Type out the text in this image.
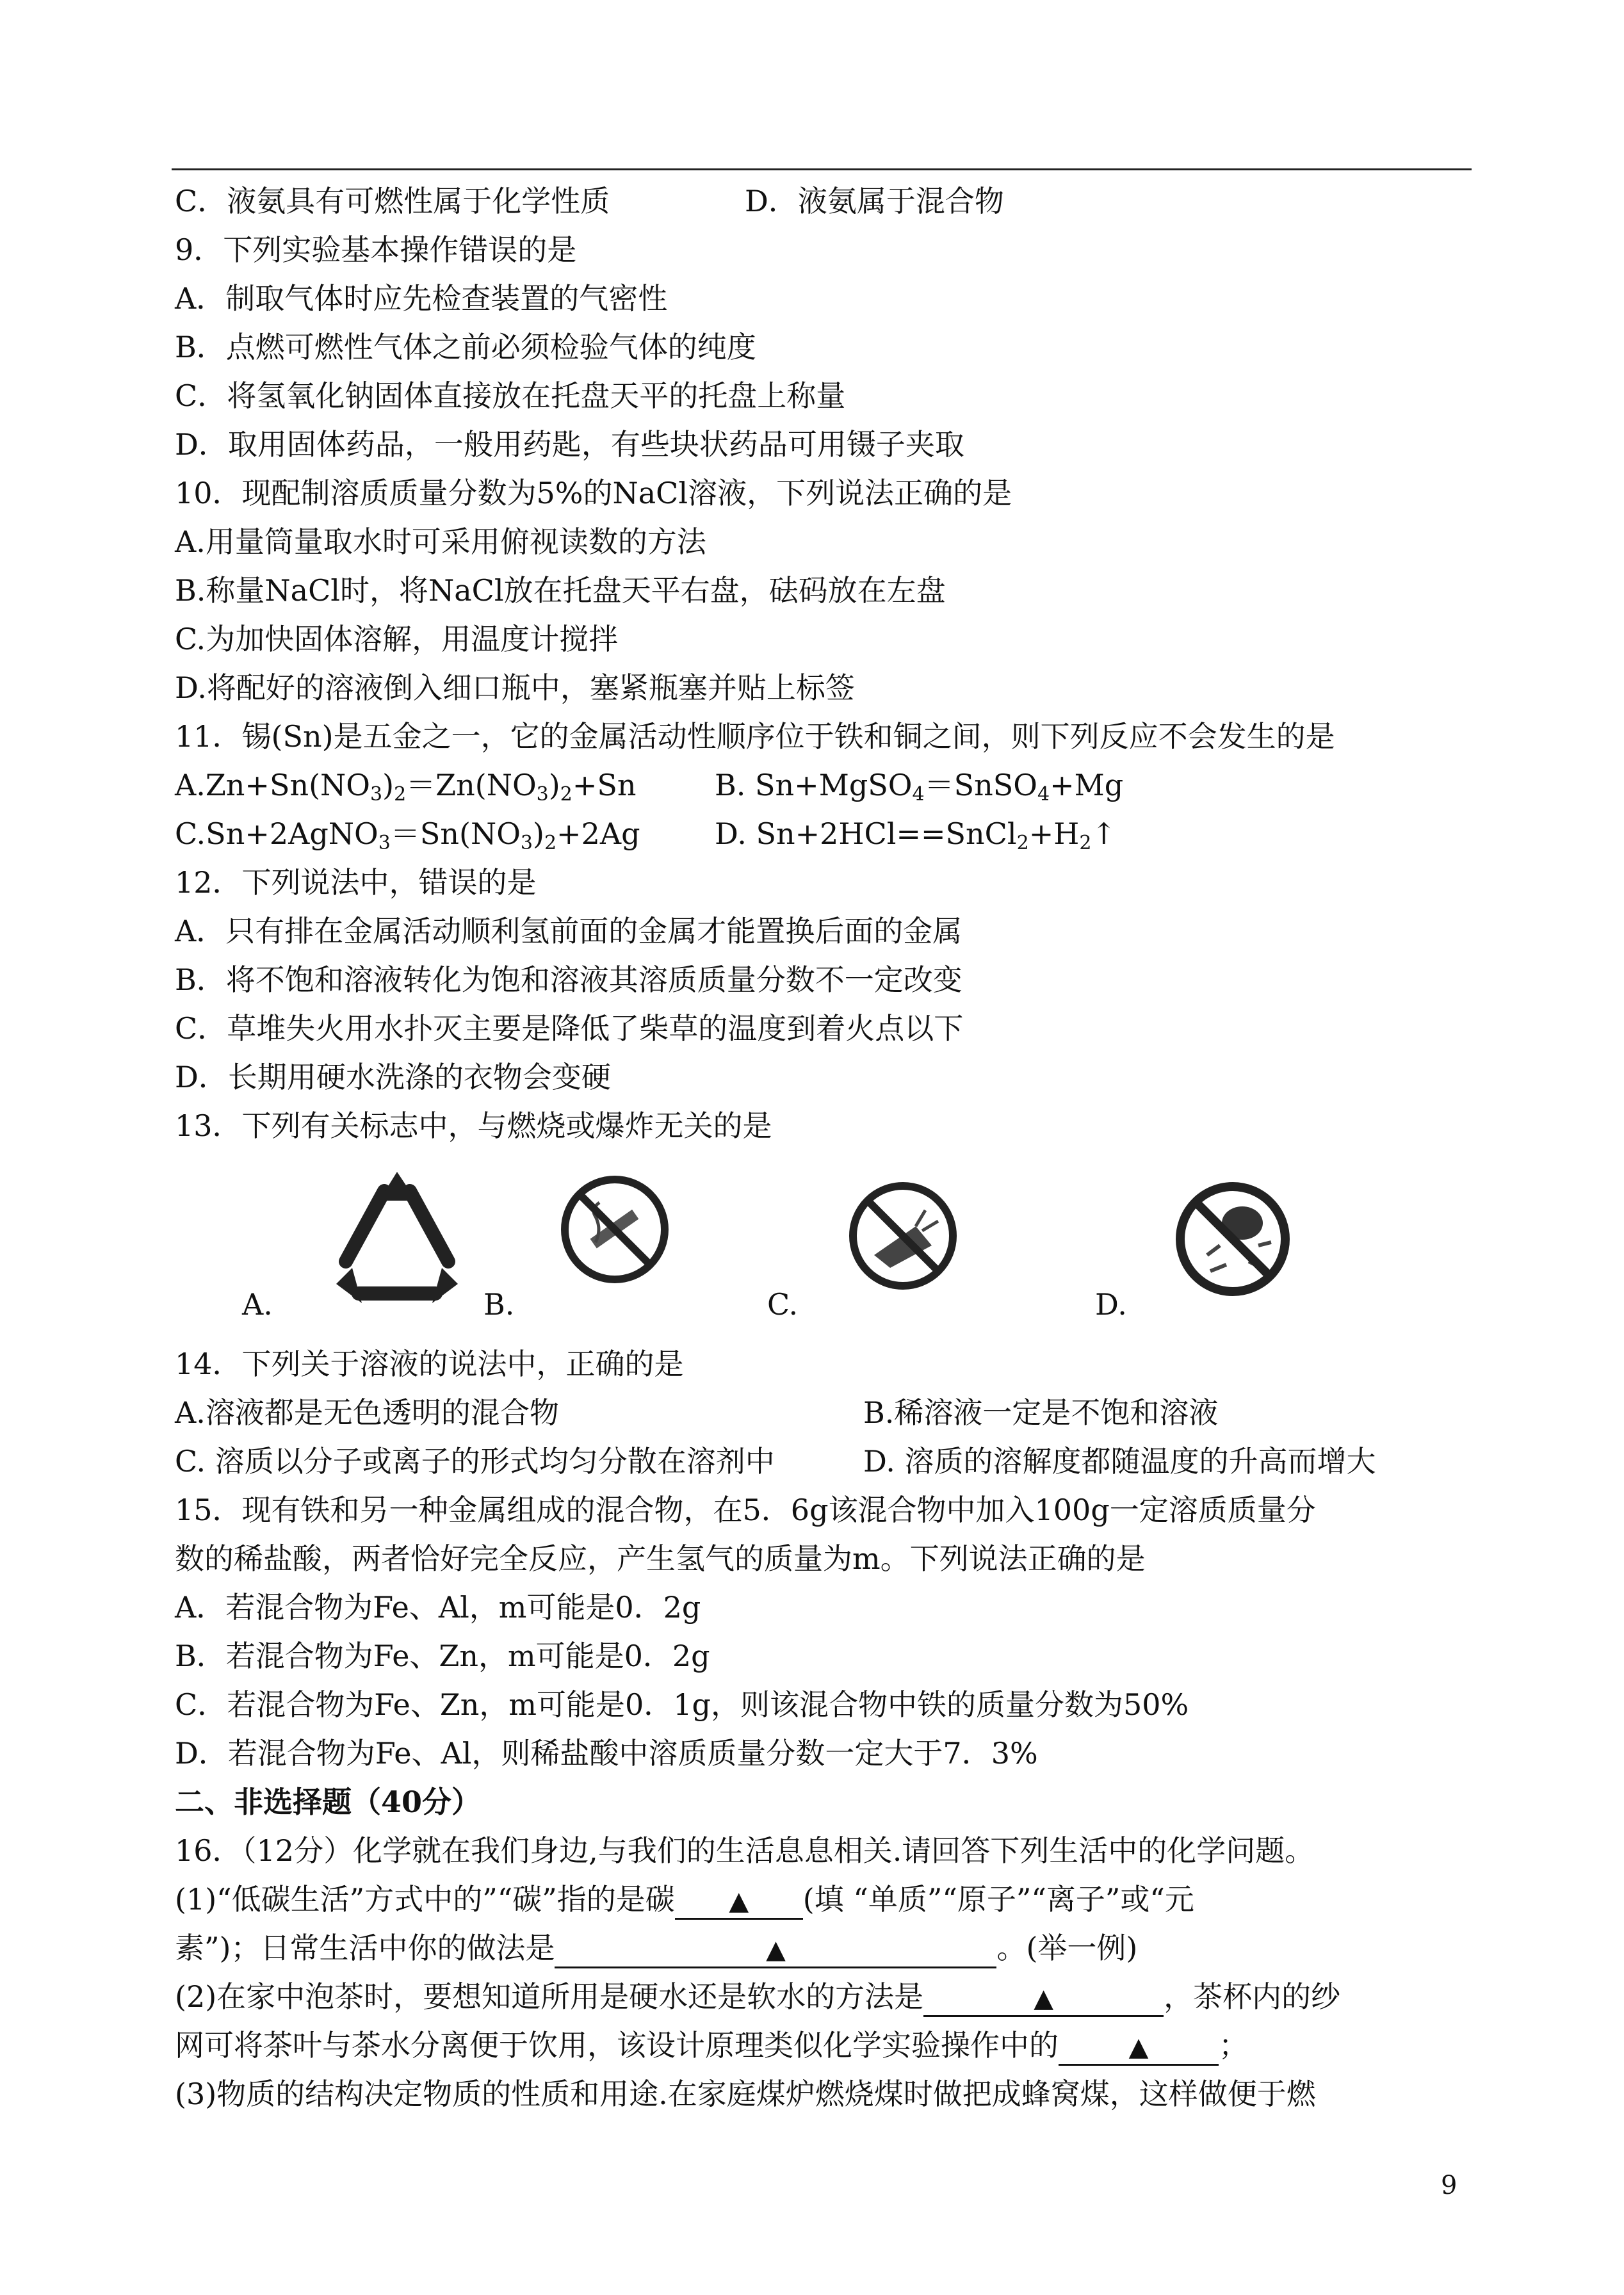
C．液氨具有可燃性属于化学性质	D．液氨属于混合物
9．下列实验基本操作错误的是
A．制取气体时应先检查装置的气密性
B．点燃可燃性气体之前必须检验气体的纯度
C．将氢氧化钠固体直接放在托盘天平的托盘上称量
D．取用固体药品，一般用药匙，有些块状药品可用镊子夹取
10．现配制溶质质量分数为5%的NaCl溶液，下列说法正确的是
A.用量筒量取水时可采用俯视读数的方法
B.称量NaCl时，将NaCl放在托盘天平右盘，砝码放在左盘
C.为加快固体溶解，用温度计搅拌
D.将配好的溶液倒入细口瓶中，塞紧瓶塞并贴上标签
11．锡(Sn)是五金之一，它的金属活动性顺序位于铁和铜之间，则下列反应不会发生的是
$A.Zn+Sn(NO_3)_2=Zn(NO_3)_2+Sn$	B. Sn+MgSO$_4$＝SnSO$_4$+Mg
$C.Sn+2AgNO_3=Sn(NO_3)_2+2Ag$	D. $Sn+2HCl==SnCl_2+H_2↑$
12．下列说法中，错误的是
A．只有排在金属活动顺利氢前面的金属才能置换后面的金属
B．将不饱和溶液转化为饱和溶液其溶质质量分数不一定改变
C．草堆失火用水扑灭主要是降低了柴草的温度到着火点以下
D．长期用硬水洗涤的衣物会变硬
13．下列有关标志中，与燃烧或爆炸无关的是
A.	B.	C.	D.
14．下列关于溶液的说法中，正确的是
A.溶液都是无色透明的混合物	B.稀溶液一定是不饱和溶液
C. 溶质以分子或离子的形式均匀分散在溶剂中	D. 溶质的溶解度都随温度的升高而增大
15．现有铁和另一种金属组成的混合物，在5．6g该混合物中加入100g一定溶质质量分
数的稀盐酸，两者恰好完全反应，产生氢气的质量为m。下列说法正确的是
A．若混合物为Fe、Al，m可能是0．2g
B．若混合物为Fe、Zn，m可能是0．2g
C．若混合物为Fe、Zn，m可能是0．1g，则该混合物中铁的质量分数为50%
D．若混合物为Fe、Al，则稀盐酸中溶质质量分数一定大于7．3%
二、非选择题（40分）
16．（12分）化学就在我们身边,与我们的生活息息相关.请回答下列生活中的化学问题。
(1)“低碳生活”方式中的”“碳”指的是碳 ▲ (填 “单质”“原子”“离子”或“元
素”)；日常生活中你的做法是	▲	。(举一例)
(2)在家中泡茶时，要想知道所用是硬水还是软水的方法是	▲	，茶杯内的纱
网可将茶叶与茶水分离便于饮用，该设计原理类似化学实验操作中的	▲ ；
(3)物质的结构决定物质的性质和用途.在家庭煤炉燃烧煤时做把成蜂窝煤，这样做便于燃
9
